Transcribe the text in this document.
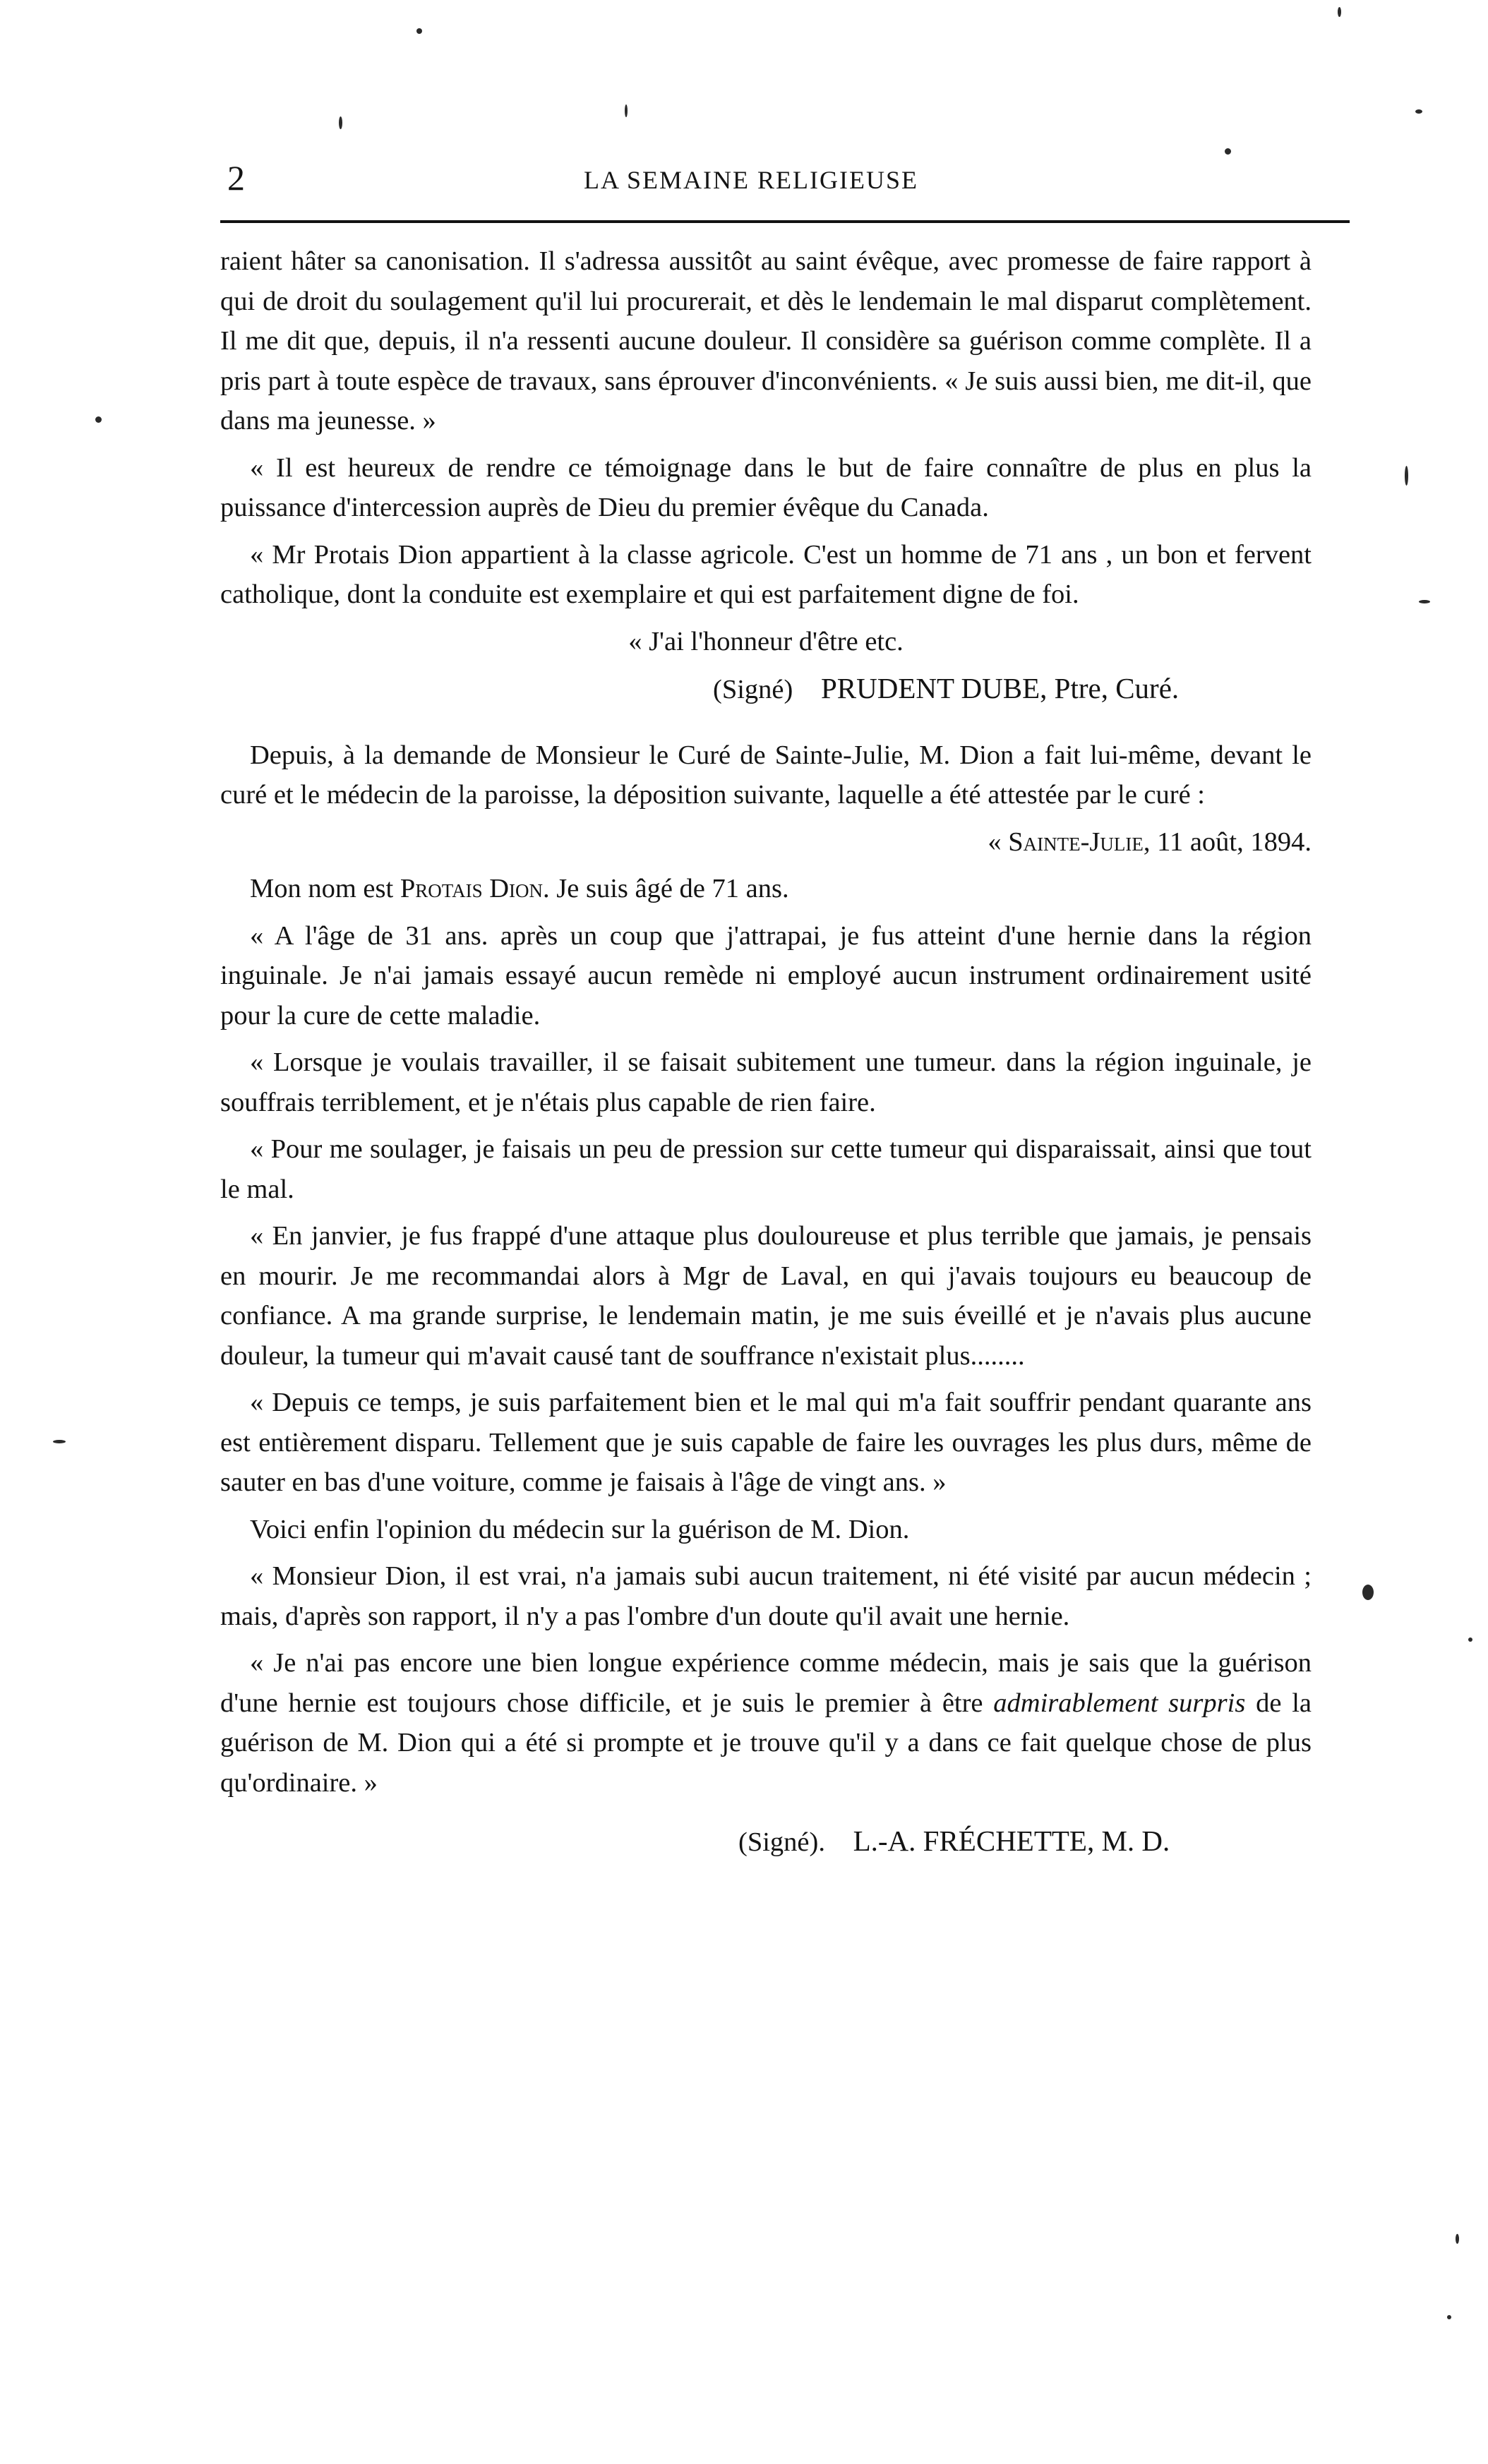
2	LA SEMAINE RELIGIEUSE

raient hâter sa canonisation. Il s'adressa aussitôt au saint évêque, avec promesse de faire rapport à qui de droit du soulagement qu'il lui procurerait, et dès le lendemain le mal disparut complètement. Il me dit que, depuis, il n'a ressenti aucune douleur. Il considère sa guérison comme complète. Il a pris part à toute espèce de travaux, sans éprouver d'inconvénients. « Je suis aussi bien, me dit-il, que dans ma jeunesse. »

« Il est heureux de rendre ce témoignage dans le but de faire connaître de plus en plus la puissance d'intercession auprès de Dieu du premier évêque du Canada.

« Mr Protais Dion appartient à la classe agricole. C'est un homme de 71 ans , un bon et fervent catholique, dont la conduite est exemplaire et qui est parfaitement digne de foi.

« J'ai l'honneur d'être etc.

(Signé) PRUDENT DUBE, Ptre, Curé.

Depuis, à la demande de Monsieur le Curé de Sainte-Julie, M. Dion a fait lui-même, devant le curé et le médecin de la paroisse, la déposition suivante, laquelle a été attestée par le curé :

« Sainte-Julie, 11 août, 1894.

Mon nom est Protais Dion. Je suis âgé de 71 ans.

« A l'âge de 31 ans. après un coup que j'attrapai, je fus atteint d'une hernie dans la région inguinale. Je n'ai jamais essayé aucun remède ni employé aucun instrument ordinairement usité pour la cure de cette maladie.

« Lorsque je voulais travailler, il se faisait subitement une tumeur. dans la région inguinale, je souffrais terriblement, et je n'étais plus capable de rien faire.

« Pour me soulager, je faisais un peu de pression sur cette tumeur qui disparaissait, ainsi que tout le mal.

« En janvier, je fus frappé d'une attaque plus douloureuse et plus terrible que jamais, je pensais en mourir. Je me recommandai alors à Mgr de Laval, en qui j'avais toujours eu beaucoup de confiance. A ma grande surprise, le lendemain matin, je me suis éveillé et je n'avais plus aucune douleur, la tumeur qui m'avait causé tant de souffrance n'existait plus........

« Depuis ce temps, je suis parfaitement bien et le mal qui m'a fait souffrir pendant quarante ans est entièrement disparu. Tellement que je suis capable de faire les ouvrages les plus durs, même de sauter en bas d'une voiture, comme je faisais à l'âge de vingt ans. »

Voici enfin l'opinion du médecin sur la guérison de M. Dion.

« Monsieur Dion, il est vrai, n'a jamais subi aucun traitement, ni été visité par aucun médecin ; mais, d'après son rapport, il n'y a pas l'ombre d'un doute qu'il avait une hernie.

« Je n'ai pas encore une bien longue expérience comme médecin, mais je sais que la guérison d'une hernie est toujours chose difficile, et je suis le premier à être admirablement surpris de la guérison de M. Dion qui a été si prompte et je trouve qu'il y a dans ce fait quelque chose de plus qu'ordinaire. »

(Signé). L.-A. FRÉCHETTE, M. D.
